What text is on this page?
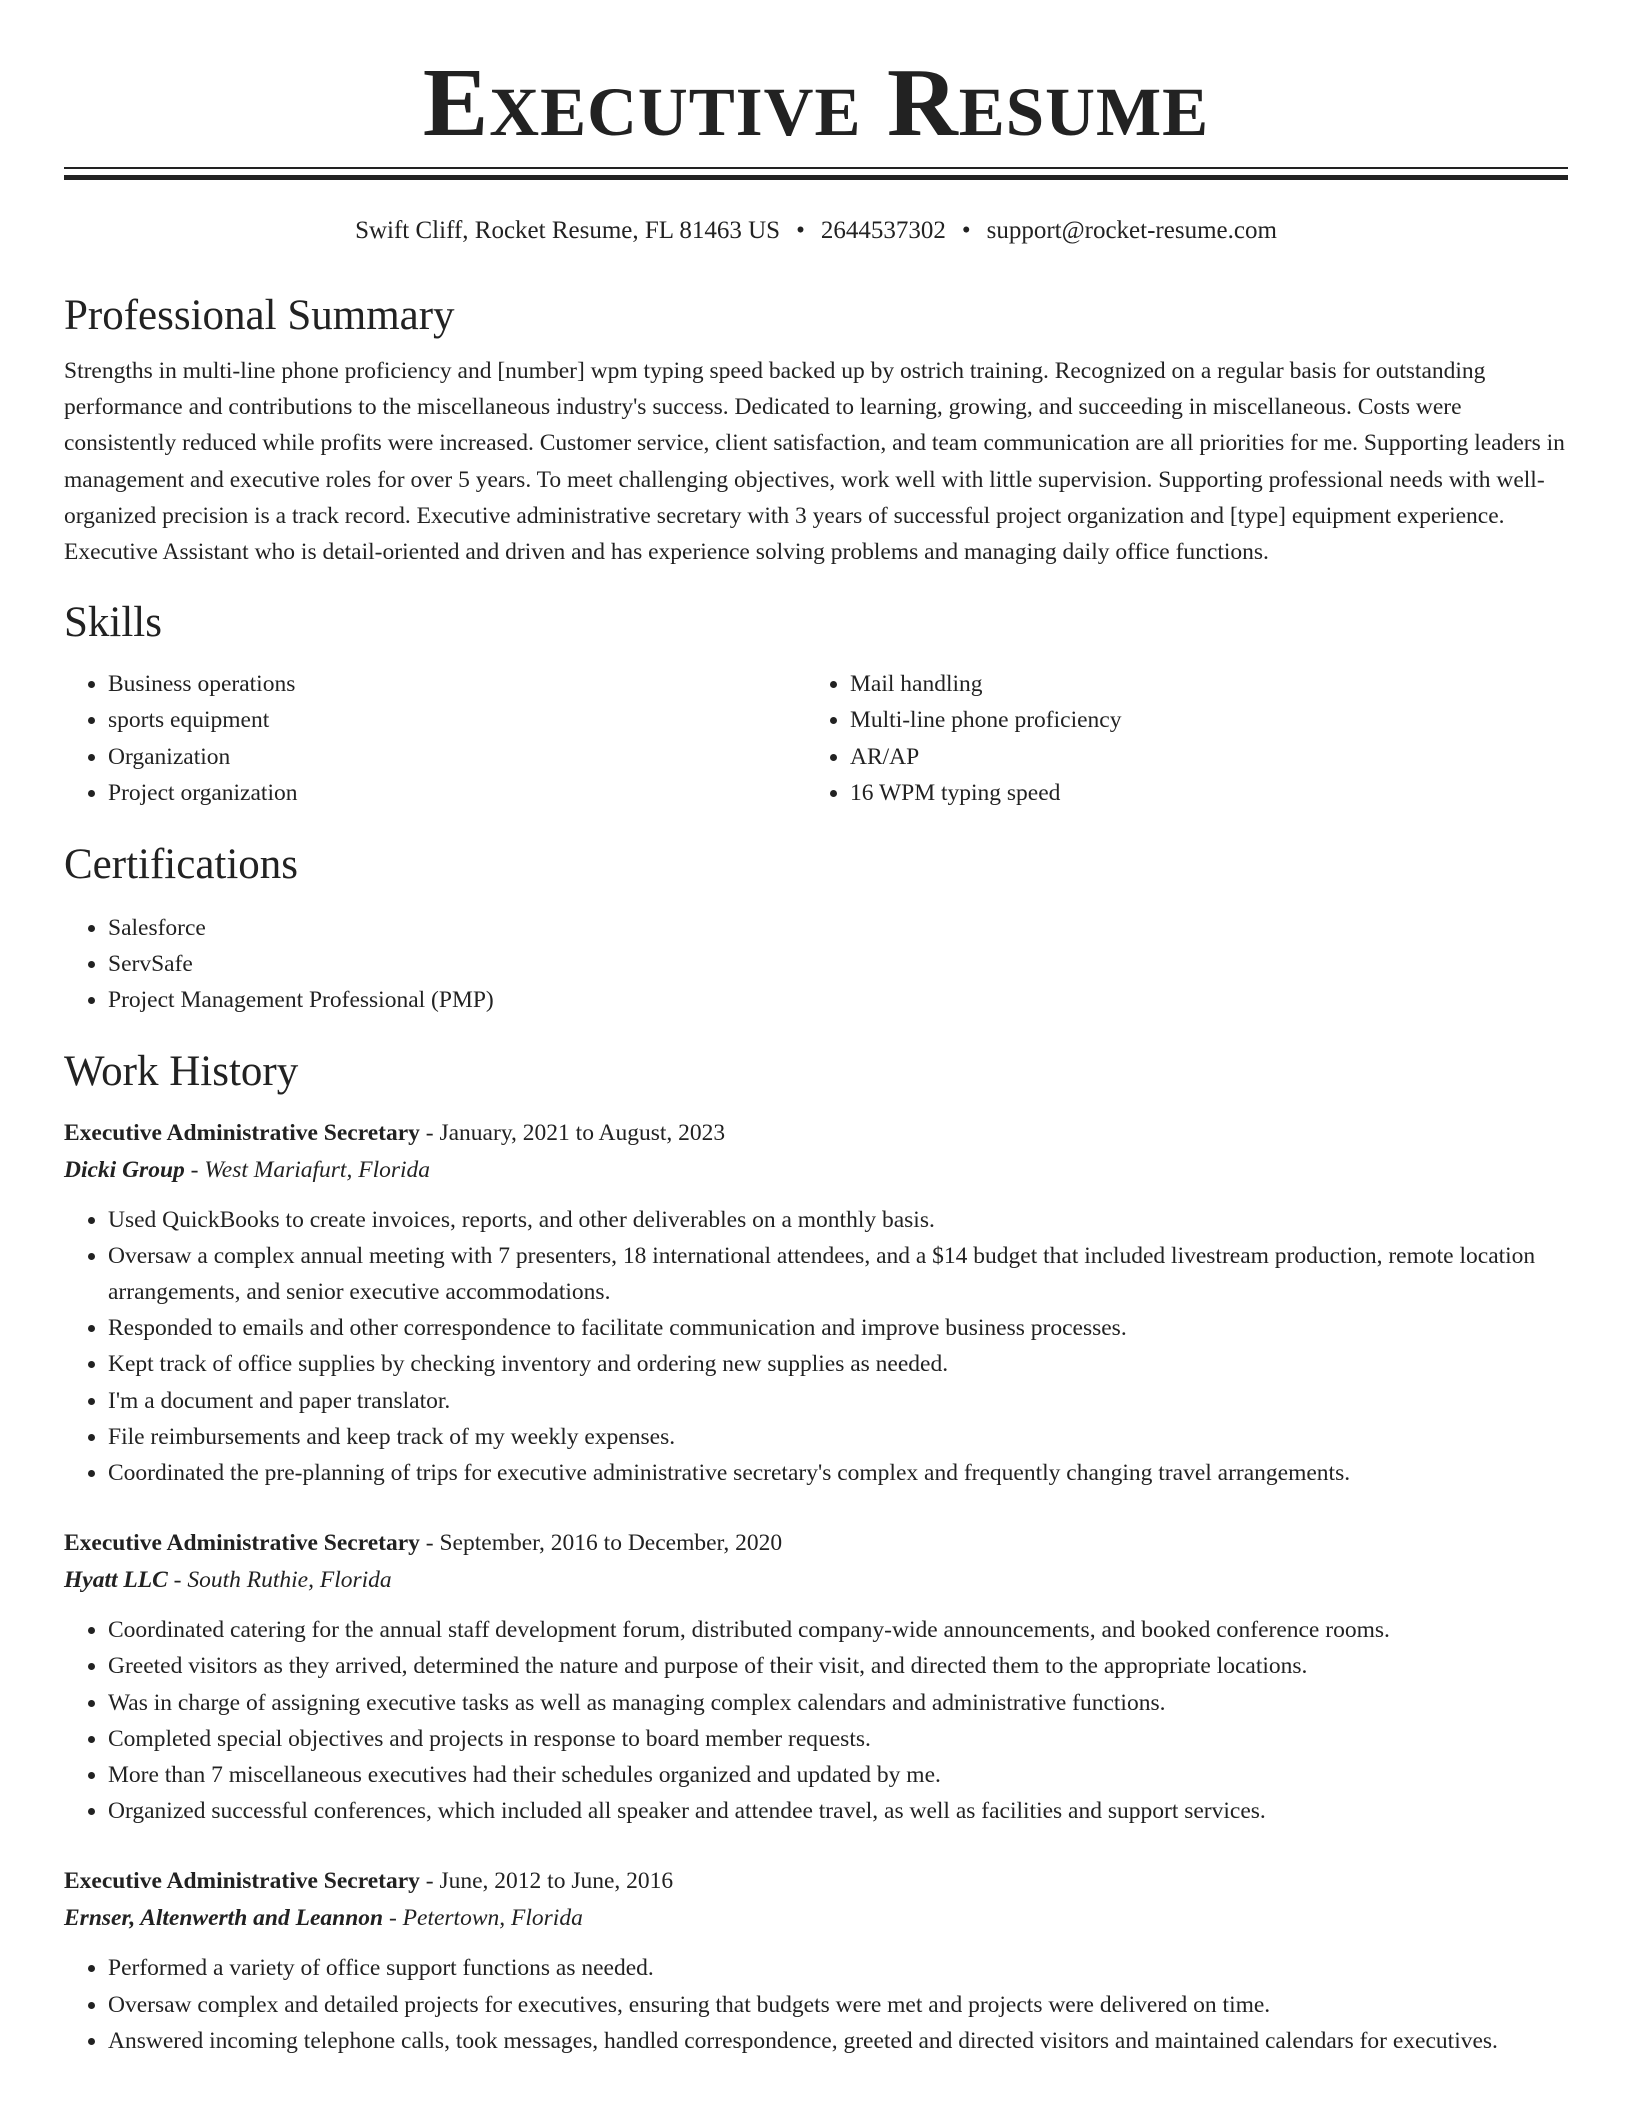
Executive Resume
Swift Cliff, Rocket Resume, FL 81463 US • 2644537302 • support@rocket-resume.com
Professional Summary

Strengths in multi-line phone proficiency and [number] wpm typing speed backed up by ostrich training. Recognized on a regular basis for outstanding performance and contributions to the miscellaneous industry's success. Dedicated to learning, growing, and succeeding in miscellaneous. Costs were consistently reduced while profits were increased. Customer service, client satisfaction, and team communication are all priorities for me. Supporting leaders in management and executive roles for over 5 years. To meet challenging objectives, work well with little supervision. Supporting professional needs with well-organized precision is a track record. Executive administrative secretary with 3 years of successful project organization and [type] equipment experience. Executive Assistant who is detail-oriented and driven and has experience solving problems and managing daily office functions.

Skills
• Business operations
• sports equipment
• Organization
• Project organization
• Mail handling
• Multi-line phone proficiency
• AR/AP
• 16 WPM typing speed
Certifications
• Salesforce
• ServSafe
• Project Management Professional (PMP)
Work History

Executive Administrative Secretary - January, 2021 to August, 2023

Dicki Group - West Mariafurt, Florida

• Used QuickBooks to create invoices, reports, and other deliverables on a monthly basis.
• Oversaw a complex annual meeting with 7 presenters, 18 international attendees, and a $14 budget that included livestream production, remote location arrangements, and senior executive accommodations.
• Responded to emails and other correspondence to facilitate communication and improve business processes.
• Kept track of office supplies by checking inventory and ordering new supplies as needed.
• I'm a document and paper translator.
• File reimbursements and keep track of my weekly expenses.
• Coordinated the pre-planning of trips for executive administrative secretary's complex and frequently changing travel arrangements.

Executive Administrative Secretary - September, 2016 to December, 2020

Hyatt LLC - South Ruthie, Florida

• Coordinated catering for the annual staff development forum, distributed company-wide announcements, and booked conference rooms.
• Greeted visitors as they arrived, determined the nature and purpose of their visit, and directed them to the appropriate locations.
• Was in charge of assigning executive tasks as well as managing complex calendars and administrative functions.
• Completed special objectives and projects in response to board member requests.
• More than 7 miscellaneous executives had their schedules organized and updated by me.
• Organized successful conferences, which included all speaker and attendee travel, as well as facilities and support services.

Executive Administrative Secretary - June, 2012 to June, 2016

Ernser, Altenwerth and Leannon - Petertown, Florida

• Performed a variety of office support functions as needed.
• Oversaw complex and detailed projects for executives, ensuring that budgets were met and projects were delivered on time.
• Answered incoming telephone calls, took messages, handled correspondence, greeted and directed visitors and maintained calendars for executives.
